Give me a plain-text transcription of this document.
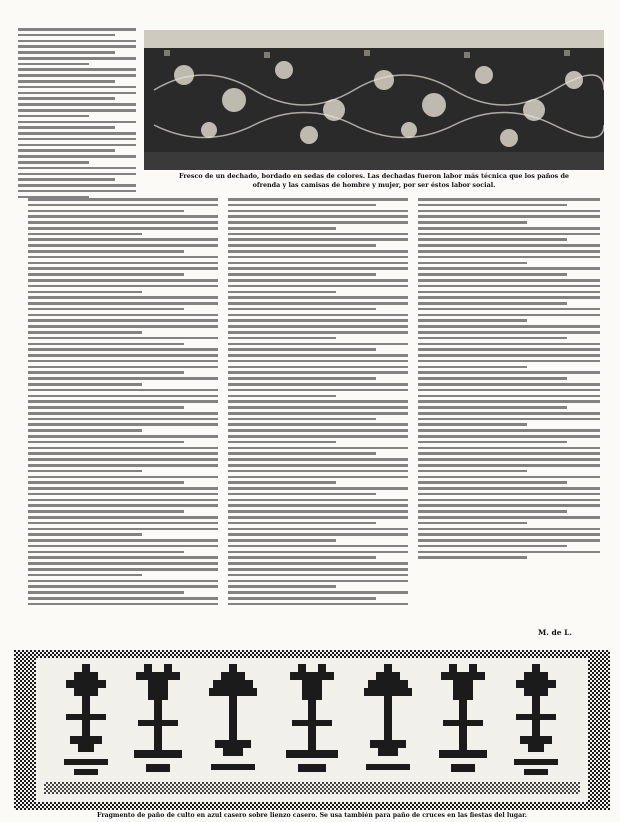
Fresco de un dechado, bordado en sedas de colores. Las dechadas fueron labor más técnica que los paños de
ofrenda y las camisas de hombre y mujer, por ser éstos labor social.
M. de L.
Fragmento de paño de culto en azul casero sobre lienzo casero. Se usa también para paño de cruces en las fiestas del lugar.
